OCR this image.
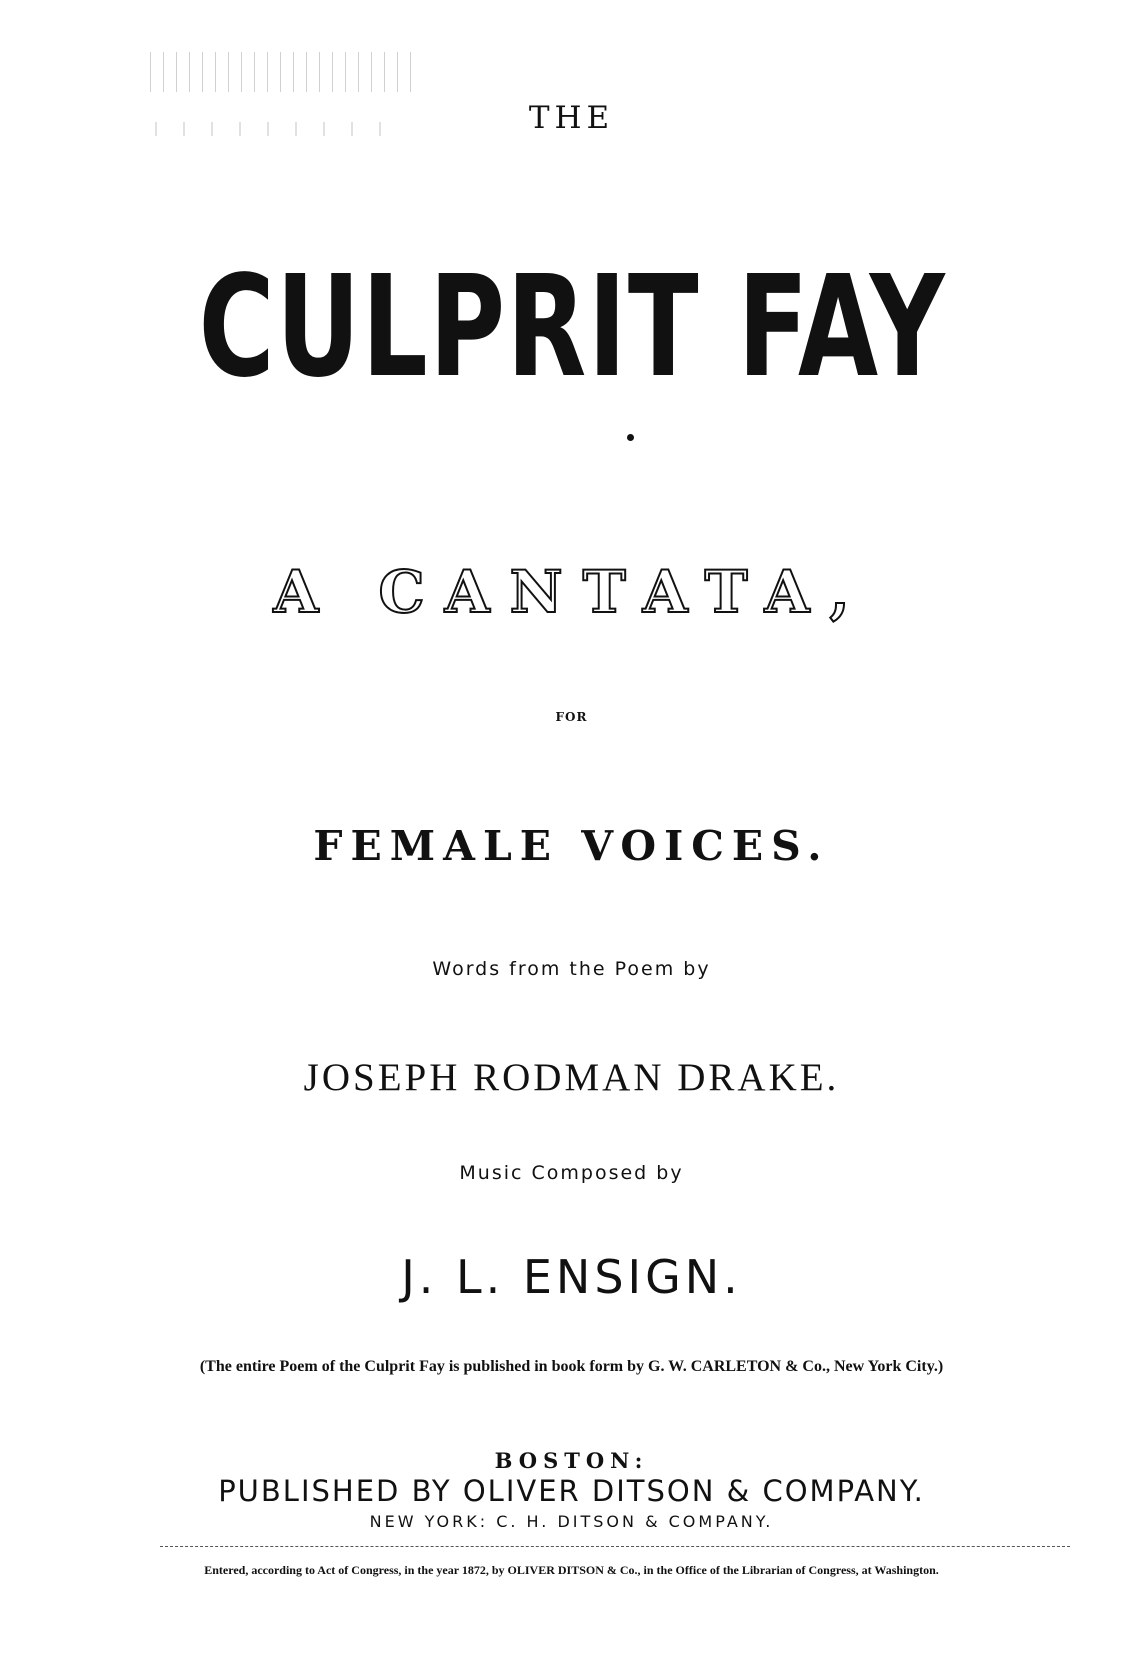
THE
CULPRIT FAY
A CANTATA,
FOR
FEMALE VOICES.
Words from the Poem by
JOSEPH RODMAN DRAKE.
Music Composed by
J. L. ENSIGN.
(The entire Poem of the Culprit Fay is published in book form by G. W. CARLETON & Co., New York City.)
BOSTON:
PUBLISHED BY OLIVER DITSON & COMPANY.
NEW YORK: C. H. DITSON & COMPANY.
Entered, according to Act of Congress, in the year 1872, by OLIVER DITSON & Co., in the Office of the Librarian of Congress, at Washington.
